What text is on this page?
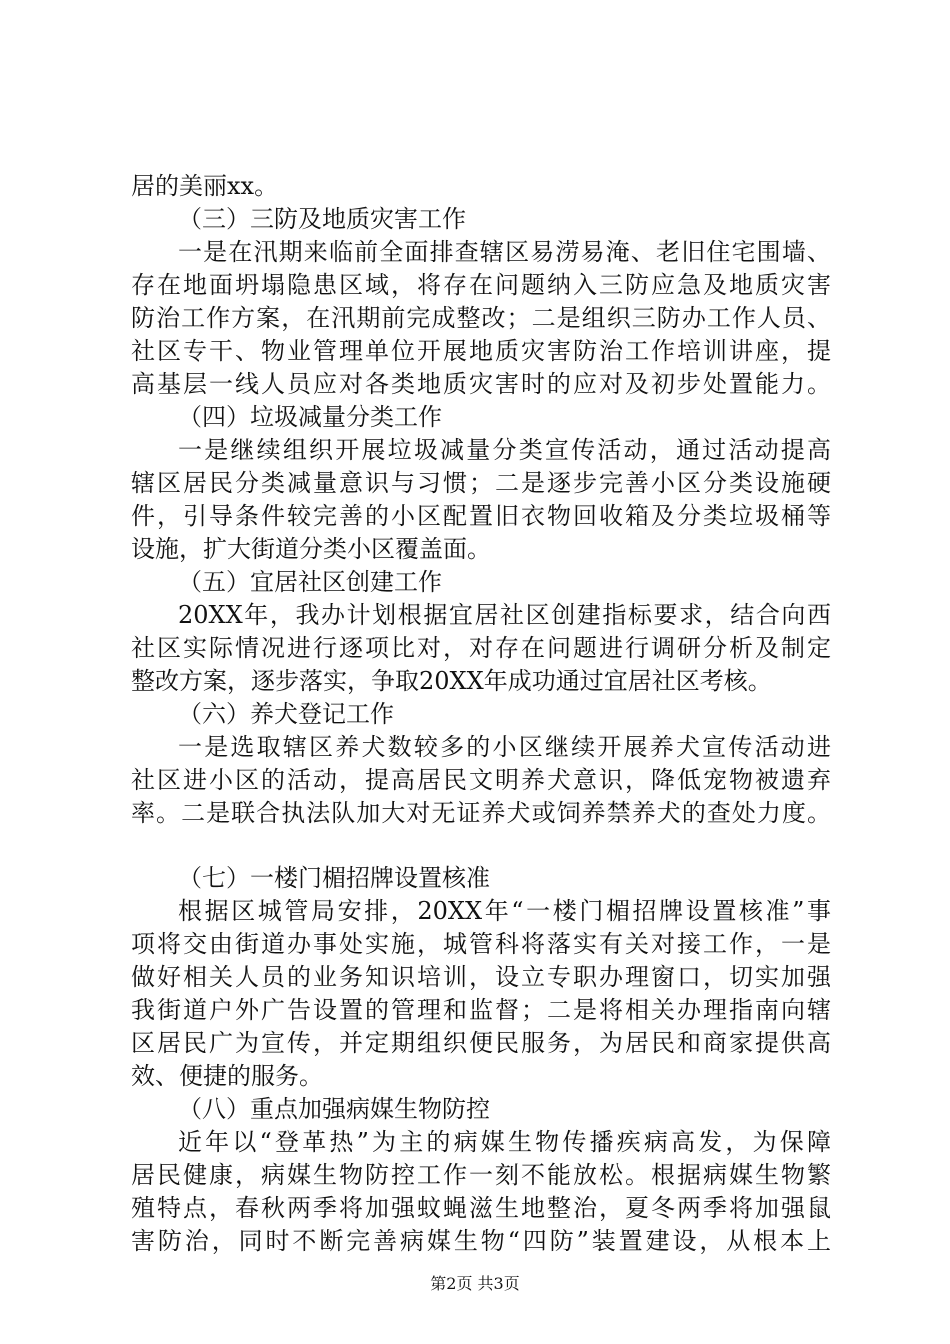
居的美丽xx。
（三）三防及地质灾害工作
一是在汛期来临前全面排查辖区易涝易淹、老旧住宅围墙、
存在地面坍塌隐患区域，将存在问题纳入三防应急及地质灾害
防治工作方案，在汛期前完成整改；二是组织三防办工作人员、
社区专干、物业管理单位开展地质灾害防治工作培训讲座，提
高基层一线人员应对各类地质灾害时的应对及初步处置能力。
（四）垃圾减量分类工作
一是继续组织开展垃圾减量分类宣传活动，通过活动提高
辖区居民分类减量意识与习惯；二是逐步完善小区分类设施硬
件，引导条件较完善的小区配置旧衣物回收箱及分类垃圾桶等
设施，扩大街道分类小区覆盖面。
（五）宜居社区创建工作
20XX年，我办计划根据宜居社区创建指标要求，结合向西
社区实际情况进行逐项比对，对存在问题进行调研分析及制定
整改方案，逐步落实，争取20XX年成功通过宜居社区考核。
（六）养犬登记工作
一是选取辖区养犬数较多的小区继续开展养犬宣传活动进
社区进小区的活动，提高居民文明养犬意识，降低宠物被遗弃
率。二是联合执法队加大对无证养犬或饲养禁养犬的查处力度。
（七）一楼门楣招牌设置核准
根据区城管局安排，20XX年“一楼门楣招牌设置核准”事
项将交由街道办事处实施，城管科将落实有关对接工作，一是
做好相关人员的业务知识培训，设立专职办理窗口，切实加强
我街道户外广告设置的管理和监督；二是将相关办理指南向辖
区居民广为宣传，并定期组织便民服务，为居民和商家提供高
效、便捷的服务。
（八）重点加强病媒生物防控
近年以“登革热”为主的病媒生物传播疾病高发，为保障
居民健康，病媒生物防控工作一刻不能放松。根据病媒生物繁
殖特点，春秋两季将加强蚊蝇滋生地整治，夏冬两季将加强鼠
害防治，同时不断完善病媒生物“四防”装置建设，从根本上
第2页 共3页
